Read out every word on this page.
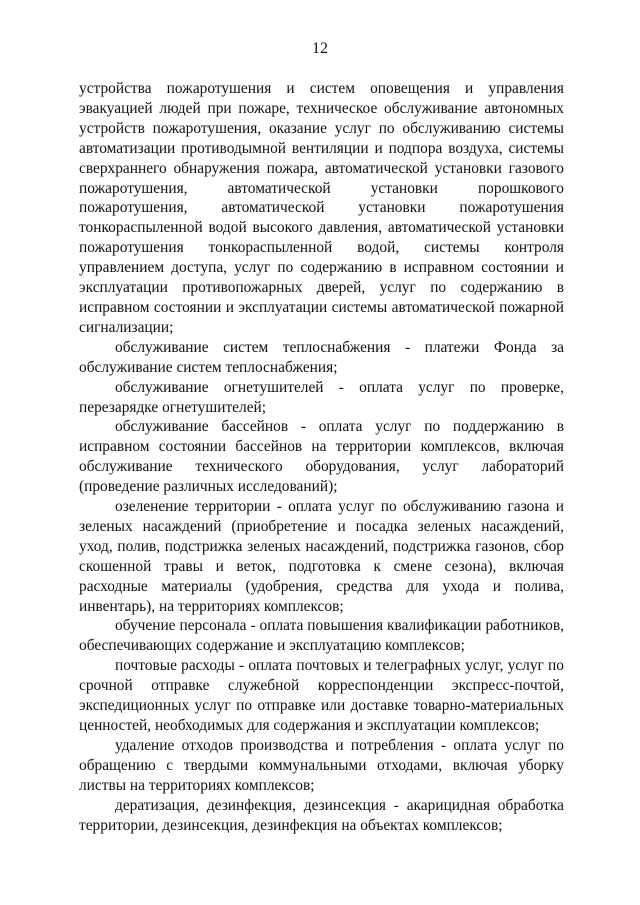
12

устройства пожаротушения и систем оповещения и управления эвакуацией людей при пожаре, техническое обслуживание автономных устройств пожаротушения, оказание услуг по обслуживанию системы автоматизации противодымной вентиляции и подпора воздуха, системы сверхраннего обнаружения пожара, автоматической установки газового пожаротушения, автоматической установки порошкового пожаротушения, автоматической установки пожаротушения тонкораспыленной водой высокого давления, автоматической установки пожаротушения тонкораспыленной водой, системы контроля управлением доступа, услуг по содержанию в исправном состоянии и эксплуатации противопожарных дверей, услуг по содержанию в исправном состоянии и эксплуатации системы автоматической пожарной сигнализации;

обслуживание систем теплоснабжения - платежи Фонда за обслуживание систем теплоснабжения;

обслуживание огнетушителей - оплата услуг по проверке, перезарядке огнетушителей;

обслуживание бассейнов - оплата услуг по поддержанию в исправном состоянии бассейнов на территории комплексов, включая обслуживание технического оборудования, услуг лабораторий (проведение различных исследований);

озеленение территории - оплата услуг по обслуживанию газона и зеленых насаждений (приобретение и посадка зеленых насаждений, уход, полив, подстрижка зеленых насаждений, подстрижка газонов, сбор скошенной травы и веток, подготовка к смене сезона), включая расходные материалы (удобрения, средства для ухода и полива, инвентарь), на территориях комплексов;

обучение персонала - оплата повышения квалификации работников, обеспечивающих содержание и эксплуатацию комплексов;

почтовые расходы - оплата почтовых и телеграфных услуг, услуг по срочной отправке служебной корреспонденции экспресс-почтой, экспедиционных услуг по отправке или доставке товарно-материальных ценностей, необходимых для содержания и эксплуатации комплексов;

удаление отходов производства и потребления - оплата услуг по обращению с твердыми коммунальными отходами, включая уборку листвы на территориях комплексов;

дератизация, дезинфекция, дезинсекция - акарицидная обработка территории, дезинсекция, дезинфекция на объектах комплексов;
